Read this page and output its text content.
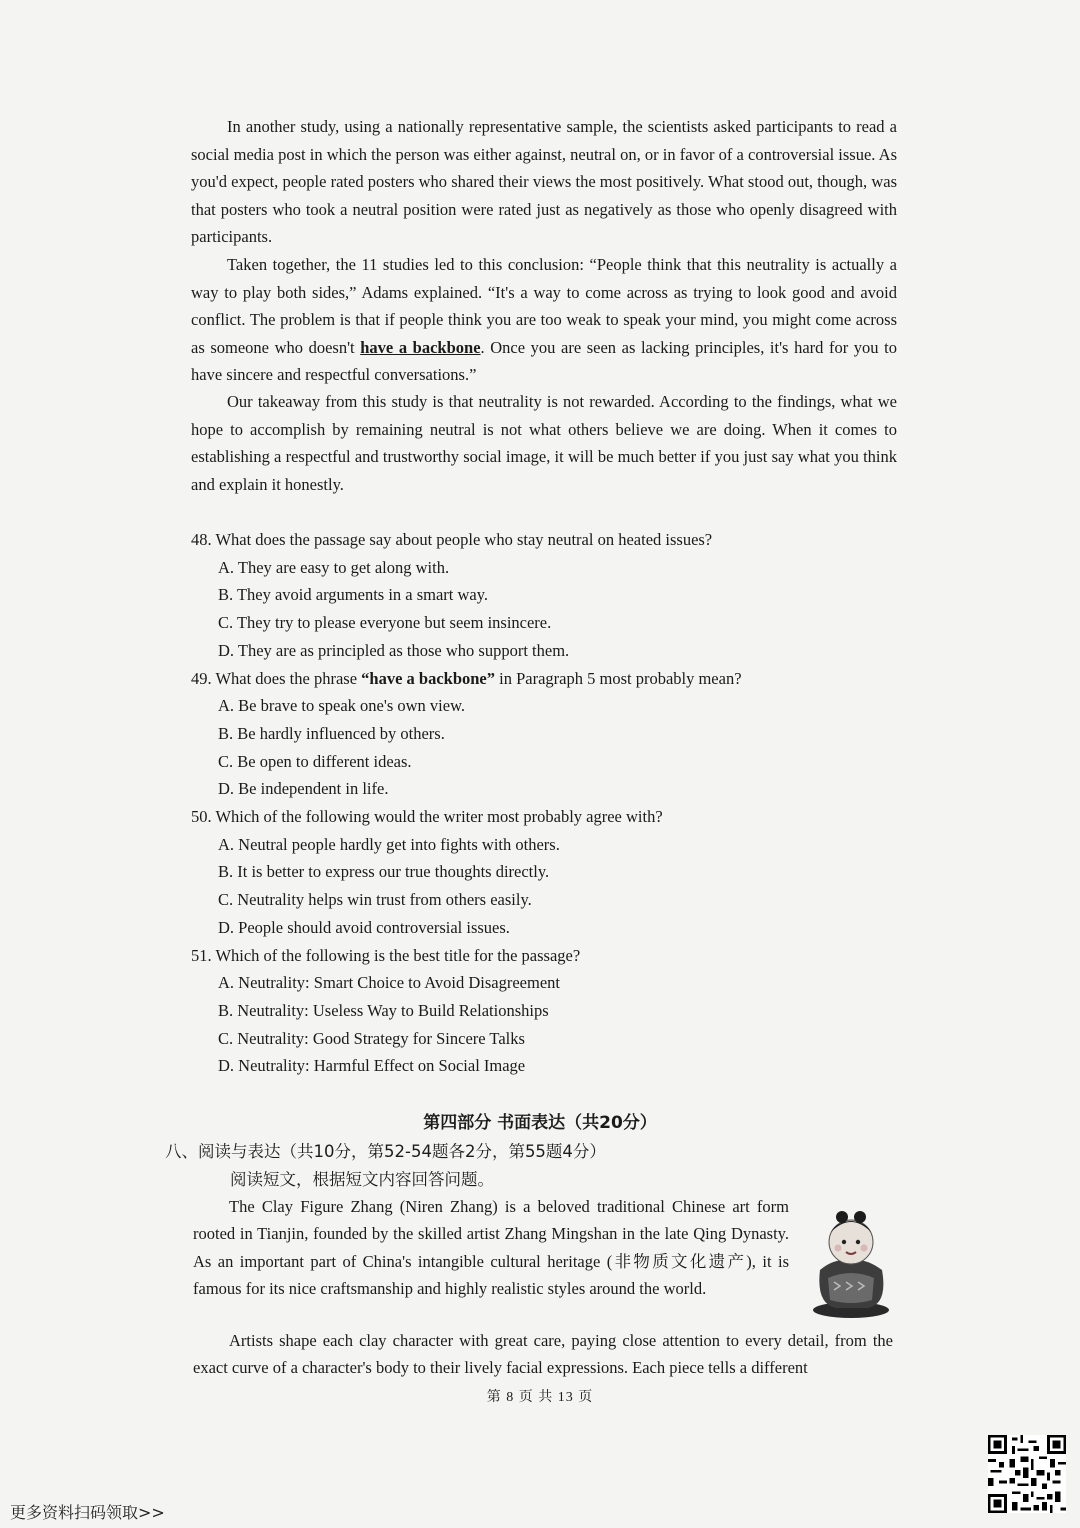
In another study, using a nationally representative sample, the scientists asked participants to read a social media post in which the person was either against, neutral on, or in favor of a controversial issue. As you'd expect, people rated posters who shared their views the most positively. What stood out, though, was that posters who took a neutral position were rated just as negatively as those who openly disagreed with participants.

Taken together, the 11 studies led to this conclusion: “People think that this neutrality is actually a way to play both sides,” Adams explained. “It's a way to come across as trying to look good and avoid conflict. The problem is that if people think you are too weak to speak your mind, you might come across as someone who doesn't have a backbone. Once you are seen as lacking principles, it's hard for you to have sincere and respectful conversations.”

Our takeaway from this study is that neutrality is not rewarded. According to the findings, what we hope to accomplish by remaining neutral is not what others believe we are doing. When it comes to establishing a respectful and trustworthy social image, it will be much better if you just say what you think and explain it honestly.

48. What does the passage say about people who stay neutral on heated issues?

A. They are easy to get along with.

B. They avoid arguments in a smart way.

C. They try to please everyone but seem insincere.

D. They are as principled as those who support them.

49. What does the phrase “have a backbone” in Paragraph 5 most probably mean?

A. Be brave to speak one's own view.

B. Be hardly influenced by others.

C. Be open to different ideas.

D. Be independent in life.

50. Which of the following would the writer most probably agree with?

A. Neutral people hardly get into fights with others.

B. It is better to express our true thoughts directly.

C. Neutrality helps win trust from others easily.

D. People should avoid controversial issues.

51. Which of the following is the best title for the passage?

A. Neutrality: Smart Choice to Avoid Disagreement

B. Neutrality: Useless Way to Build Relationships

C. Neutrality: Good Strategy for Sincere Talks

D. Neutrality: Harmful Effect on Social Image

第四部分 书面表达（共20分）
八、阅读与表达（共10分，第52-54题各2分，第55题4分）
阅读短文，根据短文内容回答问题。

The Clay Figure Zhang (Niren Zhang) is a beloved traditional Chinese art form rooted in Tianjin, founded by the skilled artist Zhang Mingshan in the late Qing Dynasty. As an important part of China's intangible cultural heritage (非物质文化遗产), it is famous for its nice craftsmanship and highly realistic styles around the world.

Artists shape each clay character with great care, paying close attention to every detail, from the exact curve of a character's body to their lively facial expressions. Each piece tells a different

第 8 页 共 13 页
更多资料扫码领取>>
